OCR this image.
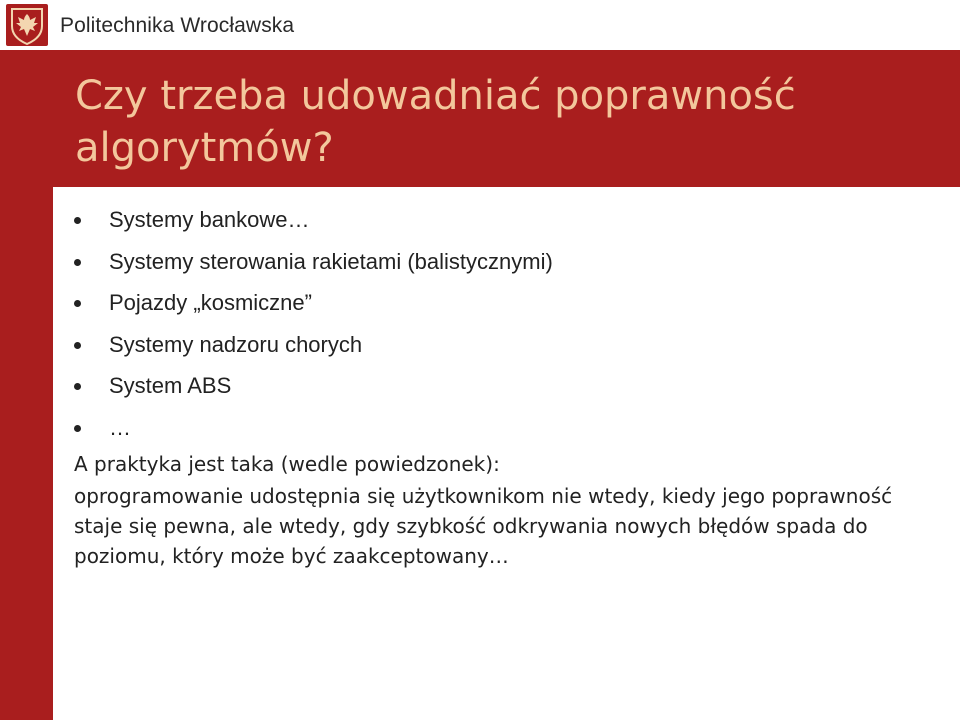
Politechnika Wrocławska
Czy trzeba udowadniać poprawność algorytmów?
Systemy bankowe…
Systemy sterowania rakietami (balistycznymi)
Pojazdy „kosmiczne”
Systemy nadzoru chorych
System ABS
…

A praktyka jest taka (wedle powiedzonek):

oprogramowanie udostępnia się użytkownikom nie wtedy, kiedy jego poprawność staje się pewna, ale wtedy, gdy szybkość odkrywania nowych błędów spada do poziomu, który może być zaakceptowany…
